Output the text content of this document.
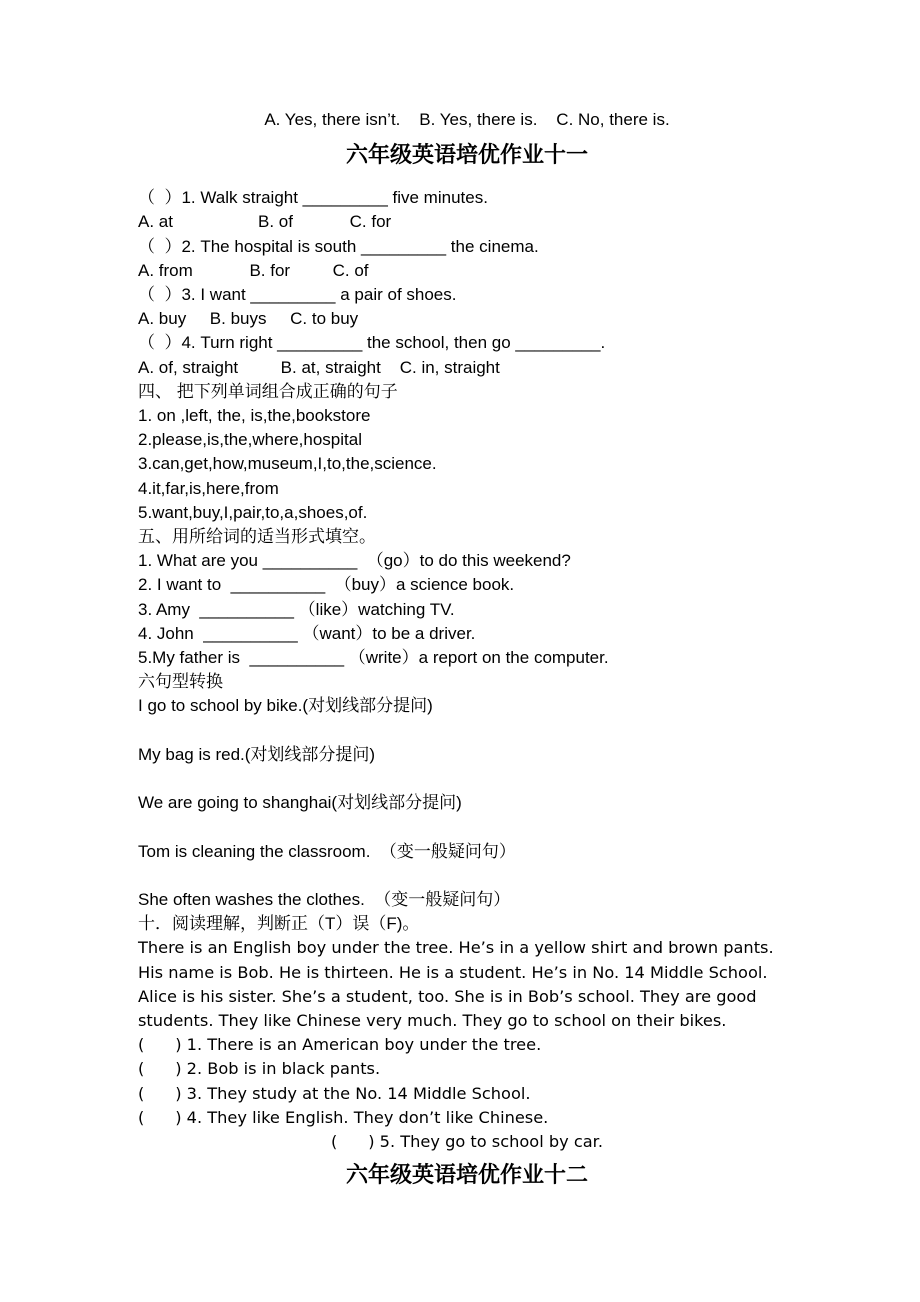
A. Yes, there isn’t.    B. Yes, there is.    C. No, there is.
六年级英语培优作业十一
（  ）1. Walk straight _________ five minutes.
A. at                  B. of            C. for
（  ）2. The hospital is south _________ the cinema.
A. from            B. for         C. of
（  ）3. I want _________ a pair of shoes.
A. buy     B. buys     C. to buy
（  ）4. Turn right _________ the school, then go _________.
A. of, straight         B. at, straight    C. in, straight
四、 把下列单词组合成正确的句子
1. on ,left, the, is,the,bookstore
2.please,is,the,where,hospital
3.can,get,how,museum,I,to,the,science.
4.it,far,is,here,from
5.want,buy,I,pair,to,a,shoes,of.
五、用所给词的适当形式填空。
1. What are you __________  （go）to do this weekend?
2. I want to  __________  （buy）a science book.
3. Amy  __________ （like）watching TV.
4. John  __________ （want）to be a driver.
5.My father is  __________ （write）a report on the computer.
六句型转换
I go to school by bike.(对划线部分提问)
My bag is red.(对划线部分提问)
We are going to shanghai(对划线部分提问)
Tom is cleaning the classroom.  （变一般疑问句）
She often washes the clothes.  （变一般疑问句）
十．阅读理解，判断正（T）误（F)。
There is an English boy under the tree. He’s in a yellow shirt and brown pants. His name is Bob. He is thirteen. He is a student. He’s in No. 14 Middle School. Alice is his sister. She’s a student, too. She is in Bob’s school. They are good students. They like Chinese very much. They go to school on their bikes.
(      ) 1. There is an American boy under the tree.
(      ) 2. Bob is in black pants.
(      ) 3. They study at the No. 14 Middle School.
(      ) 4. They like English. They don’t like Chinese.
(      ) 5. They go to school by car.
六年级英语培优作业十二
